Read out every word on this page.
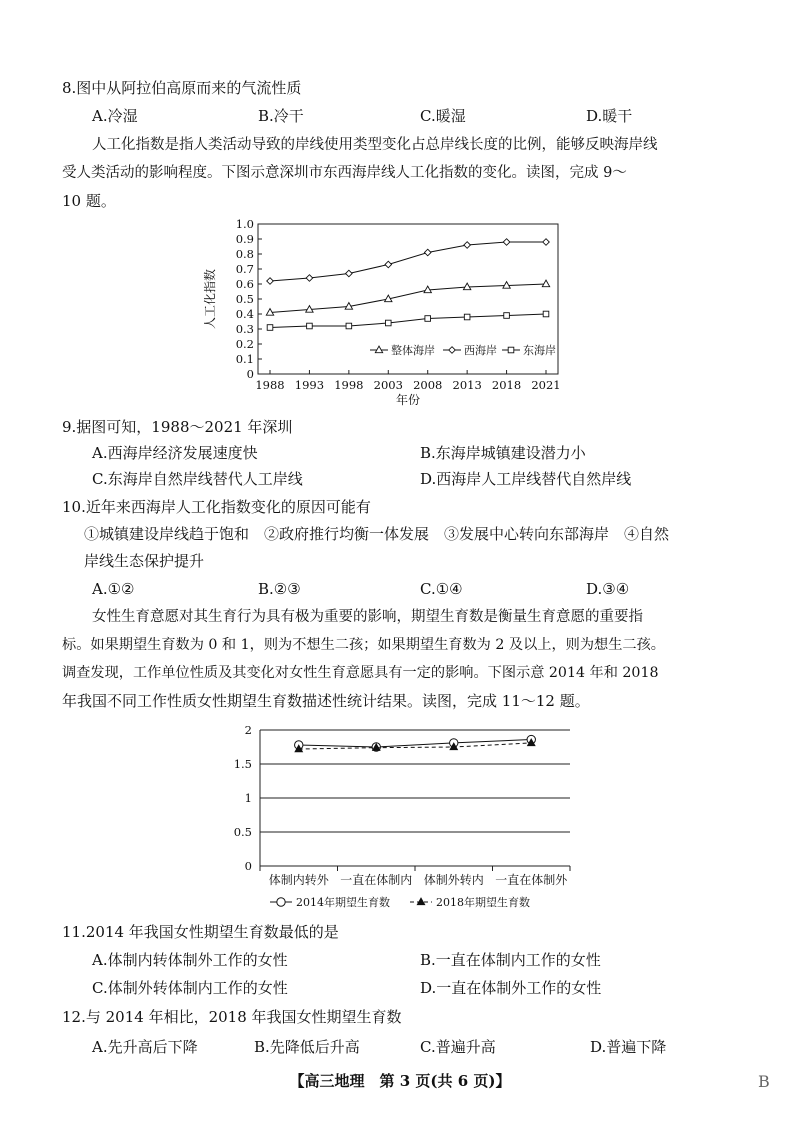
8.图中从阿拉伯高原而来的气流性质
A.冷湿	B.冷干	C.暖湿	D.暖干
人工化指数是指人类活动导致的岸线使用类型变化占总岸线长度的比例，能够反映海岸线
受人类活动的影响程度。下图示意深圳市东西海岸线人工化指数的变化。读图，完成 9～
10 题。
0
0.1
0.2
0.3
0.4
0.5
0.6
0.7
0.8
0.9
1.0
1988 1993 1998 2003 2008 2013 2018 2021
人工化指数
年份
整体海岸	西海岸 东海岸
9.据图可知，1988～2021 年深圳
A.西海岸经济发展速度快	B.东海岸城镇建设潜力小
C.东海岸自然岸线替代人工岸线	D.西海岸人工岸线替代自然岸线
10.近年来西海岸人工化指数变化的原因可能有
①城镇建设岸线趋于饱和　②政府推行均衡一体发展　③发展中心转向东部海岸　④自然
岸线生态保护提升
A.①②	B.②③	C.①④	D.③④
女性生育意愿对其生育行为具有极为重要的影响，期望生育数是衡量生育意愿的重要指
标。如果期望生育数为 0 和 1，则为不想生二孩；如果期望生育数为 2 及以上，则为想生二孩。
调查发现，工作单位性质及其变化对女性生育意愿具有一定的影响。下图示意 2014 年和 2018
年我国不同工作性质女性期望生育数描述性统计结果。读图，完成 11～12 题。
0
0.5
1
1.5
2
体制内转外 一直在体制内 体制外转内 一直在体制外
2014年期望生育数	2018年期望生育数
11.2014 年我国女性期望生育数最低的是
A.体制内转体制外工作的女性	B.一直在体制内工作的女性
C.体制外转体制内工作的女性	D.一直在体制外工作的女性
12.与 2014 年相比，2018 年我国女性期望生育数
A.先升高后下降	B.先降低后升高	C.普遍升高	D.普遍下降
【高三地理　第 3 页(共 6 页)】	B
